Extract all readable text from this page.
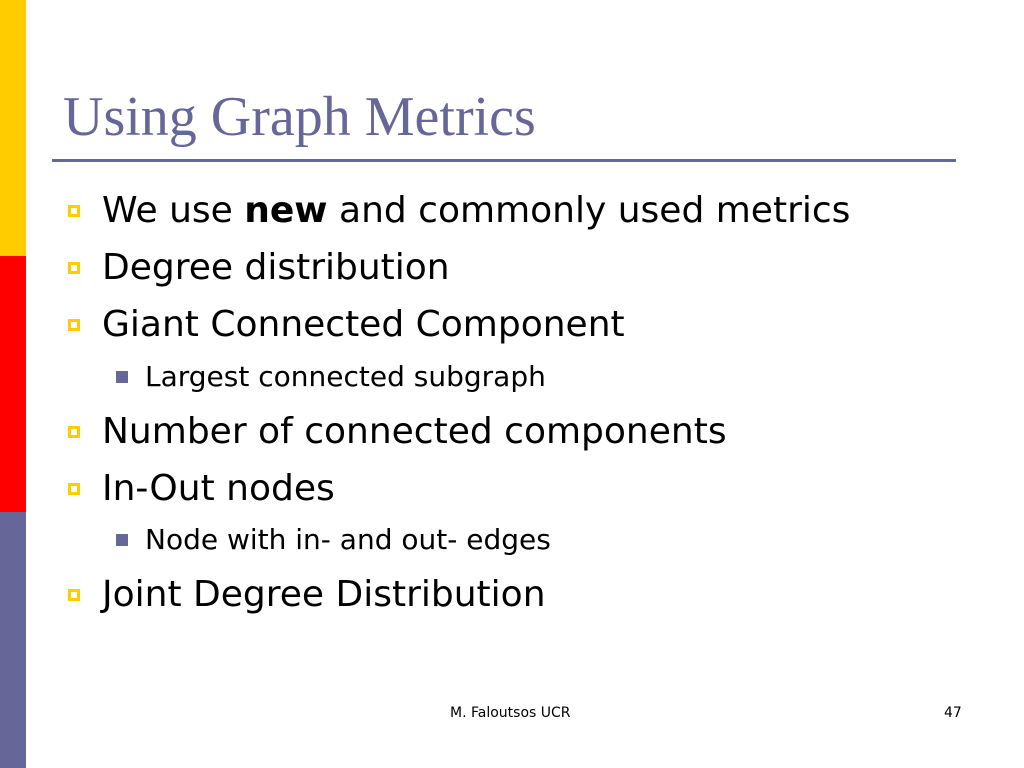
Using Graph Metrics
We use new and commonly used metrics
Degree distribution
Giant Connected Component
Largest connected subgraph
Number of connected components
In-Out nodes
Node with in- and out- edges
Joint Degree Distribution
M. Faloutsos UCR	47
